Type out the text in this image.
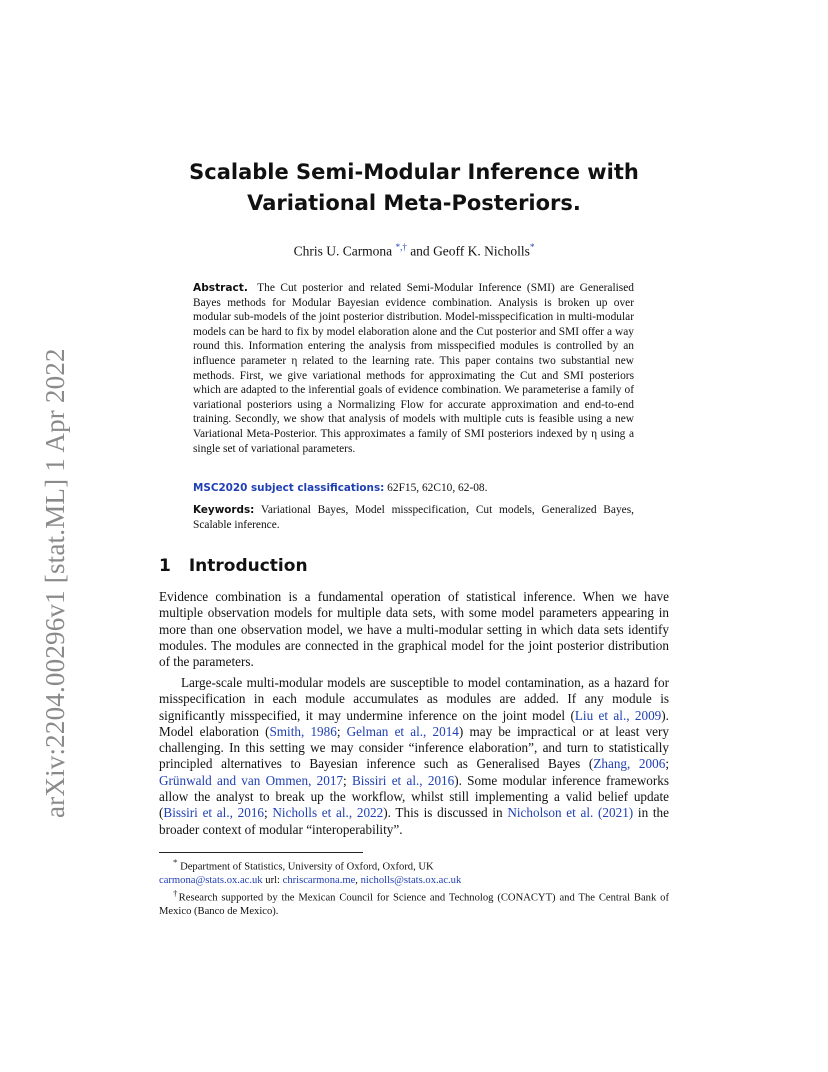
arXiv:2204.00296v1 [stat.ML] 1 Apr 2022
Scalable Semi-Modular Inference with
Variational Meta-Posteriors.
Chris U. Carmona *,† and Geoff K. Nicholls*

Abstract. The Cut posterior and related Semi-Modular Inference (SMI) are Generalised Bayes methods for Modular Bayesian evidence combination. Analysis is broken up over modular sub-models of the joint posterior distribution. Model-misspecification in multi-modular models can be hard to fix by model elaboration alone and the Cut posterior and SMI offer a way round this. Information entering the analysis from misspecified modules is controlled by an influence parameter η related to the learning rate. This paper contains two substantial new methods. First, we give variational methods for approximating the Cut and SMI posteriors which are adapted to the inferential goals of evidence combination. We parameterise a family of variational posteriors using a Normalizing Flow for accurate approximation and end-to-end training. Secondly, we show that analysis of models with multiple cuts is feasible using a new Variational Meta-Posterior. This approximates a family of SMI posteriors indexed by η using a single set of variational parameters.

MSC2020 subject classifications: 62F15, 62C10, 62-08.
Keywords: Variational Bayes, Model misspecification, Cut models, Generalized Bayes, Scalable inference.
1 Introduction

Evidence combination is a fundamental operation of statistical inference. When we have multiple observation models for multiple data sets, with some model parameters appearing in more than one observation model, we have a multi-modular setting in which data sets identify modules. The modules are connected in the graphical model for the joint posterior distribution of the parameters.

Large-scale multi-modular models are susceptible to model contamination, as a hazard for misspecification in each module accumulates as modules are added. If any module is significantly misspecified, it may undermine inference on the joint model (Liu et al., 2009). Model elaboration (Smith, 1986; Gelman et al., 2014) may be impractical or at least very challenging. In this setting we may consider “inference elaboration”, and turn to statistically principled alternatives to Bayesian inference such as Generalised Bayes (Zhang, 2006; Grünwald and van Ommen, 2017; Bissiri et al., 2016). Some modular inference frameworks allow the analyst to break up the workflow, whilst still implementing a valid belief update (Bissiri et al., 2016; Nicholls et al., 2022). This is discussed in Nicholson et al. (2021) in the broader context of modular “interoperability”.

* Department of Statistics, University of Oxford, Oxford, UK
carmona@stats.ox.ac.uk url: chriscarmona.me, nicholls@stats.ox.ac.uk
†Research supported by the Mexican Council for Science and Technolog (CONACYT) and The Central Bank of Mexico (Banco de Mexico).
